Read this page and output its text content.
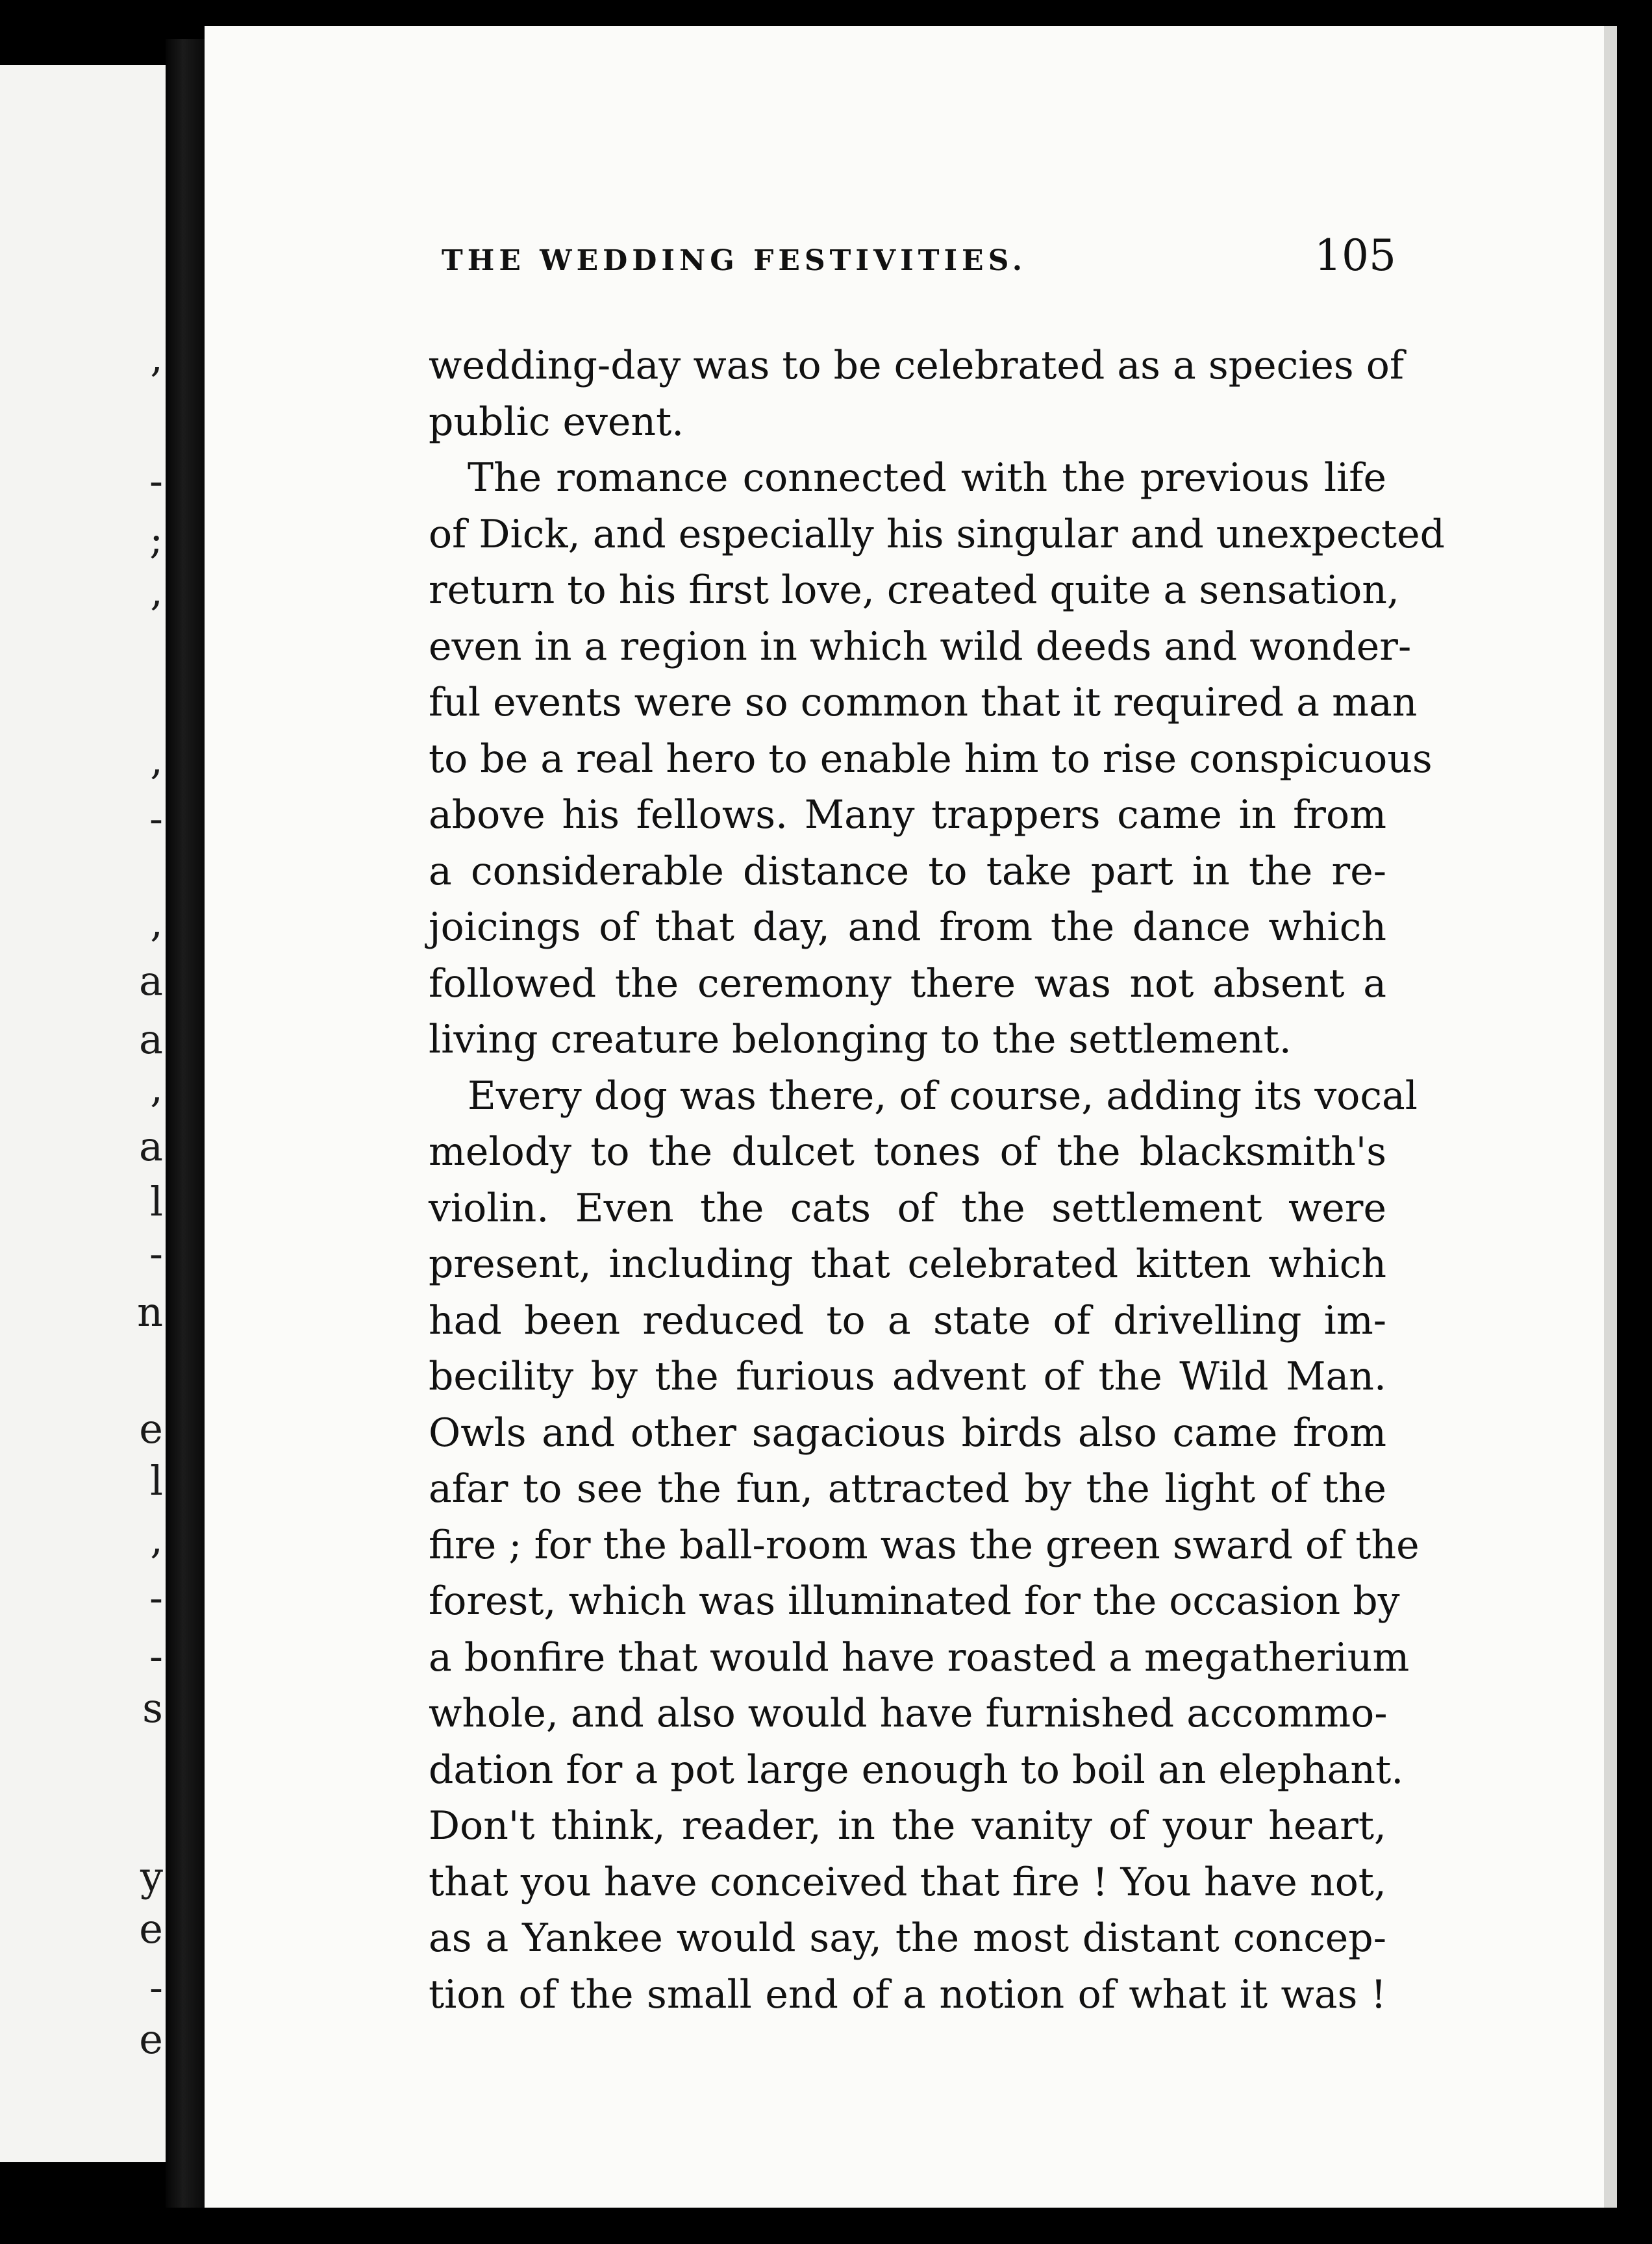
,
-
;
,
,
-
,
a
a
,
a
l
-
n
e
l
,
-
-
s
y
e
-
e
THE WEDDING FESTIVITIES.	105
wedding-day was to be celebrated as a species of
public event.
The romance connected with the previous life
of Dick, and especially his singular and unexpected
return to his first love, created quite a sensation,
even in a region in which wild deeds and wonder-
ful events were so common that it required a man
to be a real hero to enable him to rise conspicuous
above his fellows. Many trappers came in from
a considerable distance to take part in the re-
joicings of that day, and from the dance which
followed the ceremony there was not absent a
living creature belonging to the settlement.
Every dog was there, of course, adding its vocal
melody to the dulcet tones of the blacksmith's
violin. Even the cats of the settlement were
present, including that celebrated kitten which
had been reduced to a state of drivelling im-
becility by the furious advent of the Wild Man.
Owls and other sagacious birds also came from
afar to see the fun, attracted by the light of the
fire ; for the ball-room was the green sward of the
forest, which was illuminated for the occasion by
a bonfire that would have roasted a megatherium
whole, and also would have furnished accommo-
dation for a pot large enough to boil an elephant.
Don't think, reader, in the vanity of your heart,
that you have conceived that fire ! You have not,
as a Yankee would say, the most distant concep-
tion of the small end of a notion of what it was !
